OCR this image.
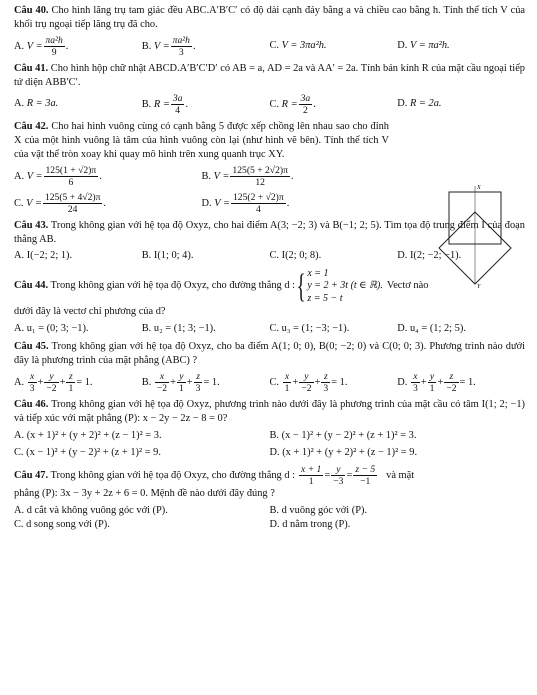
Câu 40. Cho hình lăng trụ tam giác đều ABC.A′B′C′ có độ dài cạnh đáy bằng a và chiều cao bằng h. Tính thể tích V của khối trụ ngoại tiếp lăng trụ đã cho.
A. $V = \frac{\text{πa²h}}{9}$ .	B. $V = \frac{\text{πa²h}}{3}$ .	C. V = 3πa²h.	D. V = πa²h.
Câu 41. Cho hình hộp chữ nhật ABCD.A′B′C′D′ có AB = a, AD = 2a và AA′ = 2a. Tính bán kính R của mặt cầu ngoại tiếp tứ diện ABB′C′.
A. R = 3a.	B. $R = \frac{3a}{4}$ .	C. $R = \frac{3a}{2}$ .	D. R = 2a.
Câu 42. Cho hai hình vuông cùng có cạnh bằng 5 được xếp chồng lên nhau sao cho đỉnh X của một hình vuông là tâm của hình vuông còn lại (như hình vẽ bên). Tính thể tích V của vật thể tròn xoay khi quay mô hình trên xung quanh trục XY.
A. $V = \frac{125(1 + √2)\pi}{6}$ .	B. $V = \frac{125(5 + 2√2)\pi}{12}$ .
C. $V = \frac{125(5 + 4√2)\pi}{24}$ .	D. $V = \frac{125(2 + √2)\pi}{4}$ .
X
Y
Câu 43. Trong không gian với hệ tọa độ Oxyz, cho hai điểm A(3; −2; 3) và B(−1; 2; 5). Tìm tọa độ trung điểm I của đoạn thẳng AB.
A. I(−2; 2; 1).	B. I(1; 0; 4).	C. I(2; 0; 8).	D. I(2; −2; −1).
Câu 44. Trong không gian với hệ tọa độ Oxyz, cho đường thẳng d : { x = 1
y = 2 + 3t (t ∈ ℝ).
z = 5 − t
Vectơ nào
dưới đây là vectơ chỉ phương của d?
A. u₁ = (0; 3; −1).	B. u₂ = (1; 3; −1).	C. u₃ = (1; −3; −1).	D. u₄ = (1; 2; 5).
Câu 45. Trong không gian với hệ tọa độ Oxyz, cho ba điểm A(1; 0; 0), B(0; −2; 0) và C(0; 0; 3). Phương trình nào dưới đây là phương trình của mặt phẳng (ABC) ?
A. $\frac{x}{3} + \frac{y}{-2} + \frac{z}{1} = 1$.	B. $\frac{x}{-2} + \frac{y}{1} + \frac{z}{3} = 1$.	C. $\frac{x}{1} + \frac{y}{-2} + \frac{z}{3} = 1$.	D. $\frac{x}{3} + \frac{y}{1} + \frac{z}{-2} = 1$.
Câu 46. Trong không gian với hệ tọa độ Oxyz, phương trình nào dưới đây là phương trình của mặt cầu có tâm I(1; 2; −1) và tiếp xúc với mặt phẳng (P): x − 2y − 2z − 8 = 0?
A. (x + 1)² + (y + 2)² + (z − 1)² = 3.	B. (x − 1)² + (y − 2)² + (z + 1)² = 3.
C. (x − 1)² + (y − 2)² + (z + 1)² = 9.	D. (x + 1)² + (y + 2)² + (z − 1)² = 9.
Câu 47. Trong không gian với hệ tọa độ Oxyz, cho đường thẳng d : $\frac{x + 1}{1} = \frac{y}{-3} = \frac{z - 5}{-1}$ và mặt
phẳng (P): 3x − 3y + 2z + 6 = 0. Mệnh đề nào dưới đây đúng ?
A. d cắt và không vuông góc với (P).	B. d vuông góc với (P).
C. d song song với (P).	D. d nằm trong (P).
